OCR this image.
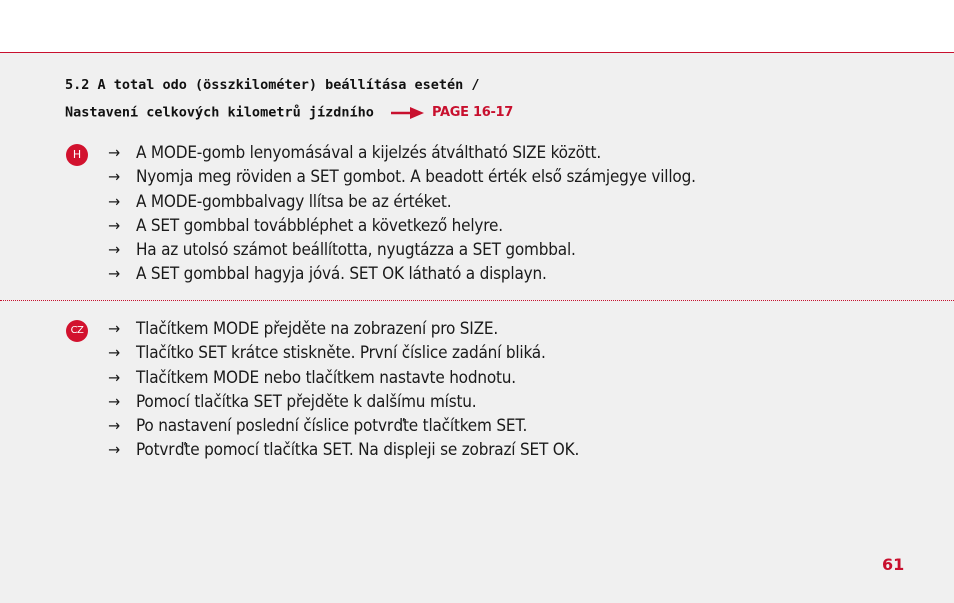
5.2 A total odo (összkilométer) beállítása esetén /
Nastavení celkových kilometrů jízdního	PAGE 16-17
H	→ A MODE-gomb lenyomásával a kijelzés átváltható SIZE között.
→ Nyomja meg röviden a SET gombot. A beadott érték első számjegye villog.
→ A MODE-gombbalvagy llítsa be az értéket.
→ A SET gombbal továbbléphet a következő helyre.
→ Ha az utolsó számot beállította, nyugtázza a SET gombbal.
→ A SET gombbal hagyja jóvá. SET OK látható a displayn.
CZ → Tlačítkem MODE přejděte na zobrazení pro SIZE.
→ Tlačítko SET krátce stiskněte. První číslice zadání bliká.
→ Tlačítkem MODE nebo tlačítkem nastavte hodnotu.
→ Pomocí tlačítka SET přejděte k dalšímu místu.
→ Po nastavení poslední číslice potvrďte tlačítkem SET.
→ Potvrďte pomocí tlačítka SET. Na displeji se zobrazí SET OK.
61
